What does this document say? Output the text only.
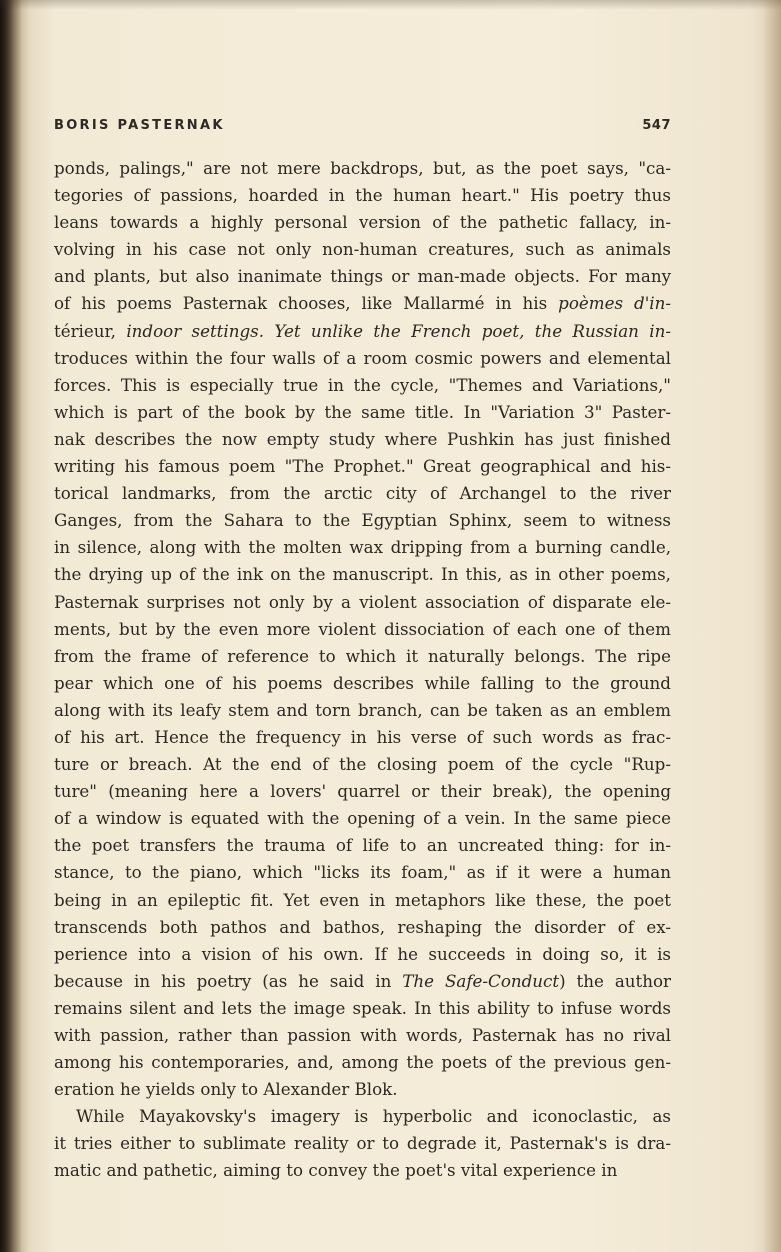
BORIS PASTERNAK	547
ponds, palings," are not mere backdrops, but, as the poet says, "ca-
tegories of passions, hoarded in the human heart." His poetry thus
leans towards a highly personal version of the pathetic fallacy, in-
volving in his case not only non-human creatures, such as animals
and plants, but also inanimate things or man-made objects. For many
of his poems Pasternak chooses, like Mallarmé in his poèmes d'in-
térieur, indoor settings. Yet unlike the French poet, the Russian in-
troduces within the four walls of a room cosmic powers and elemental
forces. This is especially true in the cycle, "Themes and Variations,"
which is part of the book by the same title. In "Variation 3" Paster-
nak describes the now empty study where Pushkin has just finished
writing his famous poem "The Prophet." Great geographical and his-
torical landmarks, from the arctic city of Archangel to the river
Ganges, from the Sahara to the Egyptian Sphinx, seem to witness
in silence, along with the molten wax dripping from a burning candle,
the drying up of the ink on the manuscript. In this, as in other poems,
Pasternak surprises not only by a violent association of disparate ele-
ments, but by the even more violent dissociation of each one of them
from the frame of reference to which it naturally belongs. The ripe
pear which one of his poems describes while falling to the ground
along with its leafy stem and torn branch, can be taken as an emblem
of his art. Hence the frequency in his verse of such words as frac-
ture or breach. At the end of the closing poem of the cycle "Rup-
ture" (meaning here a lovers' quarrel or their break), the opening
of a window is equated with the opening of a vein. In the same piece
the poet transfers the trauma of life to an uncreated thing: for in-
stance, to the piano, which "licks its foam," as if it were a human
being in an epileptic fit. Yet even in metaphors like these, the poet
transcends both pathos and bathos, reshaping the disorder of ex-
perience into a vision of his own. If he succeeds in doing so, it is
because in his poetry (as he said in The Safe-Conduct) the author
remains silent and lets the image speak. In this ability to infuse words
with passion, rather than passion with words, Pasternak has no rival
among his contemporaries, and, among the poets of the previous gen-
eration he yields only to Alexander Blok.
While Mayakovsky's imagery is hyperbolic and iconoclastic, as
it tries either to sublimate reality or to degrade it, Pasternak's is dra-
matic and pathetic, aiming to convey the poet's vital experience in
